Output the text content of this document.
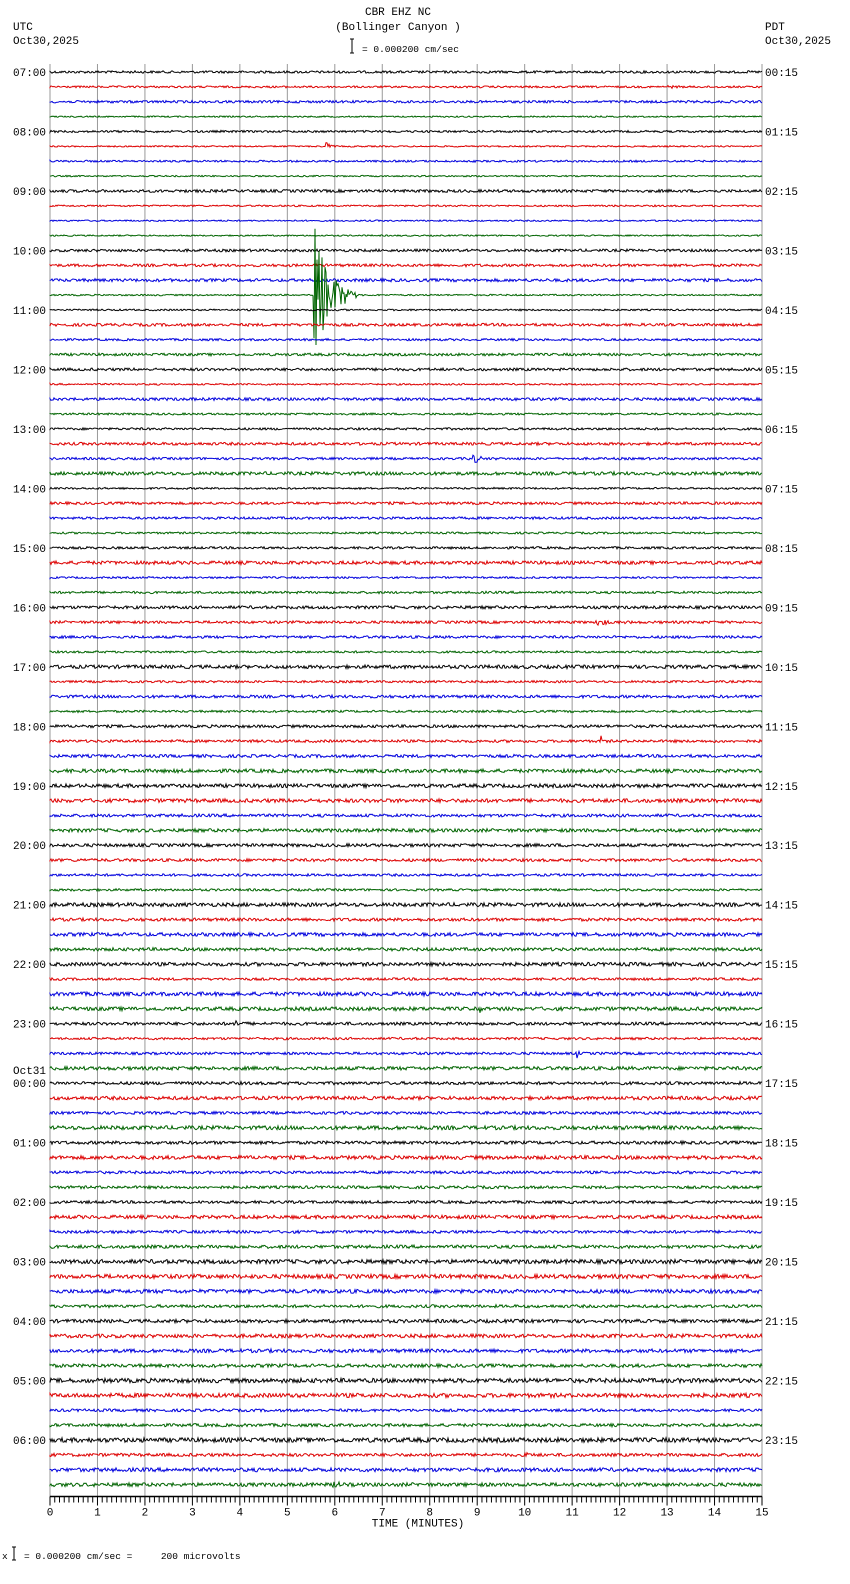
CBR EHZ NC
(Bollinger Canyon )
UTC
Oct30,2025
PDT
Oct30,2025
= 0.000200 cm/sec
07:00
08:00
09:00
10:00
11:00
12:00
13:00
14:00
15:00
16:00
17:00
18:00
19:00
20:00
21:00
22:00
23:00
00:00
Oct31
01:00
02:00
03:00
04:00
05:00
06:00
00:15
01:15
02:15
03:15
04:15
05:15
06:15
07:15
08:15
09:15
10:15
11:15
12:15
13:15
14:15
15:15
16:15
17:15
18:15
19:15
20:15
21:15
22:15
23:15
0	1	2	3	4	5	6	7	8	9	10	11	12	13	14	15
TIME (MINUTES)
x = 0.000200 cm/sec =     200 microvolts
